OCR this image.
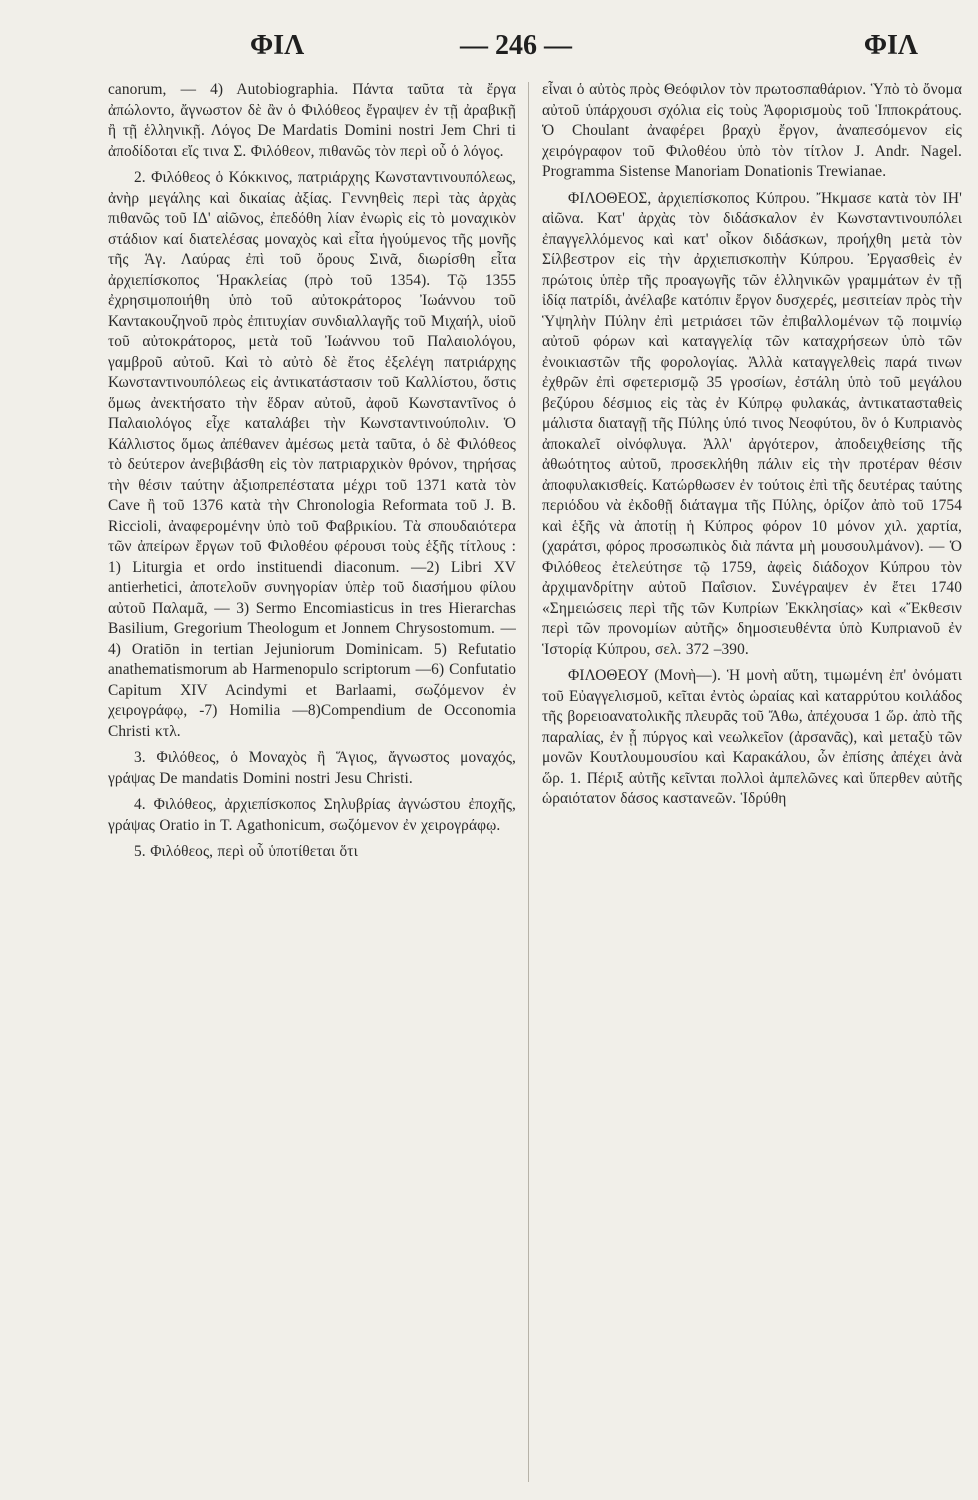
ΦΙΛ	— 246 —	ΦΙΛ

canorum, — 4) Autobiographia. Πάντα ταῦτα τὰ ἔργα ἀπώλοντο, ἄγνωστον δὲ ἂν ὁ Φιλόθεος ἔγραψεν ἐν τῇ ἀραβικῇ ἢ τῇ ἑλληνικῇ. Λόγος De Mardatis Domini nostri Jem Chri ti ἀποδίδοται εἴς τινα Σ. Φιλόθεον, πιθανῶς τὸν περὶ οὗ ὁ λόγος.

2. Φιλόθεος ὁ Κόκκινος, πατριάρχης Κωνσταντινουπόλεως, ἀνὴρ μεγάλης καὶ δικαίας ἀξίας. Γεννηθεὶς περὶ τὰς ἀρχὰς πιθανῶς τοῦ ΙΔ' αἰῶνος, ἐπεδόθη λίαν ἐνωρὶς εἰς τὸ μοναχικὸν στάδιον καί διατελέσας μοναχὸς καὶ εἶτα ἡγούμενος τῆς μονῆς τῆς Ἁγ. Λαύρας ἐπὶ τοῦ ὄρους Σινᾶ, διωρίσθη εἶτα ἀρχιεπίσκοπος Ἡρακλείας (πρὸ τοῦ 1354). Τῷ 1355 ἐχρησιμοποιήθη ὑπὸ τοῦ αὐτοκράτορος Ἰωάννου τοῦ Καντακουζηνοῦ πρὸς ἐπιτυχίαν συνδιαλλαγῆς τοῦ Μιχαήλ, υἱοῦ τοῦ αὐτοκράτορος, μετὰ τοῦ Ἰωάννου τοῦ Παλαιολόγου, γαμβροῦ αὐτοῦ. Καὶ τὸ αὐτὸ δὲ ἔτος ἐξελέγη πατριάρχης Κωνσταντινουπόλεως εἰς ἀντικατάστασιν τοῦ Καλλίστου, ὅστις ὅμως ἀνεκτήσατο τὴν ἕδραν αὐτοῦ, ἀφοῦ Κωνσταντῖνος ὁ Παλαιολόγος εἶχε καταλάβει τὴν Κωνσταντινούπολιν. Ὁ Κάλλιστος ὅμως ἀπέθανεν ἀμέσως μετὰ ταῦτα, ὁ δὲ Φιλόθεος τὸ δεύτερον ἀνεβιβάσθη εἰς τὸν πατριαρχικὸν θρόνον, τηρήσας τὴν θέσιν ταύτην ἀξιοπρεπέστατα μέχρι τοῦ 1371 κατὰ τὸν Cave ἢ τοῦ 1376 κατὰ τὴν Chronologia Reformata τοῦ J. B. Riccioli, ἀναφερομένην ὑπὸ τοῦ Φαβρικίου. Τὰ σπουδαιότερα τῶν ἀπείρων ἔργων τοῦ Φιλοθέου φέρουσι τοὺς ἑξῆς τίτλους : 1) Liturgia et ordo instituendi diaconum. —2) Libri XV antierheticі, ἀποτελοῦν συνηγορίαν ὑπὲρ τοῦ διασήμου φίλου αὐτοῦ Παλαμᾶ, — 3) Sermo Encomiasticus in tres Hierarchas Basilium, Gregorium Theologum et Jonnem Chrysostomum. —4) Oratiōn in tertian Jejuniorum Dominicam. 5) Refutatio anathematismorum ab Harmenopulo scriptorum —6) Confutatio Capitum XIV Acindymi et Barlaami, σωζόμενον ἐν χειρογράφῳ, -7) Homilia —8)Compendium de Occonomia Christi κτλ.

3. Φιλόθεος, ὁ Μοναχὸς ἢ Ἅγιος, ἄγνωστος μοναχός, γράψας De mandatis Domini nostri Jesu Christi.

4. Φιλόθεος, ἀρχιεπίσκοπος Σηλυβρίας ἀγνώστου ἐποχῆς, γράψας Oratio in T. Agathonicum, σωζόμενον ἐν χειρογράφῳ.

5. Φιλόθεος, περὶ οὗ ὑποτίθεται ὅτι

εἶναι ὁ αὐτὸς πρὸς Θεόφιλον τὸν πρωτοσπαθάριον. Ὑπὸ τὸ ὄνομα αὐτοῦ ὑπάρχουσι σχόλια εἰς τοὺς Ἀφορισμοὺς τοῦ Ἱπποκράτους. Ὁ Choulant ἀναφέρει βραχὺ ἔργον, ἀναπεσόμενον εἰς χειρόγραφον τοῦ Φιλοθέου ὑπὸ τὸν τίτλον J. Andr. Nagel. Programma Sistense Manoriam Donationis Trewianae.

ΦΙΛΟΘΕΟΣ, ἀρχιεπίσκοπος Κύπρου. Ἤκμασε κατὰ τὸν ΙΗ' αἰῶνα. Κατ' ἀρχὰς τὸν διδάσκαλον ἐν Κωνσταντινουπόλει ἐπαγγελλόμενος καὶ κατ' οἶκον διδάσκων, προήχθη μετὰ τὸν Σίλβεστρον εἰς τὴν ἀρχιεπισκοπὴν Κύπρου. Ἐργασθεὶς ἐν πρώτοις ὑπὲρ τῆς προαγωγῆς τῶν ἑλληνικῶν γραμμάτων ἐν τῇ ἰδίᾳ πατρίδι, ἀνέλαβε κατόπιν ἔργον δυσχερές, μεσιτείαν πρὸς τὴν Ὑψηλὴν Πύλην ἐπὶ μετριάσει τῶν ἐπιβαλλομένων τῷ ποιμνίῳ αὐτοῦ φόρων καὶ καταγγελίᾳ τῶν καταχρήσεων ὑπὸ τῶν ἐνοικιαστῶν τῆς φορολογίας. Ἀλλὰ καταγγελθεὶς παρά τινων ἐχθρῶν ἐπὶ σφετερισμῷ 35 γροσίων, ἐστάλη ὑπὸ τοῦ μεγάλου βεζύρου δέσμιος εἰς τὰς ἐν Κύπρῳ φυλακάς, ἀντικατασταθεὶς μάλιστα διαταγῇ τῆς Πύλης ὑπό τινος Νεοφύτου, ὃν ὁ Κυπριανὸς ἀποκαλεῖ οἰνόφλυγα. Ἀλλ' ἀργότερον, ἀποδειχθείσης τῆς ἀθωότητος αὐτοῦ, προσεκλήθη πάλιν εἰς τὴν προτέραν θέσιν ἀποφυλακισθείς. Κατώρθωσεν ἐν τούτοις ἐπὶ τῆς δευτέρας ταύτης περιόδου νὰ ἐκδοθῇ διάταγμα τῆς Πύλης, ὁρίζον ἀπὸ τοῦ 1754 καὶ ἑξῆς νὰ ἀποτίῃ ἡ Κύπρος φόρον 10 μόνον χιλ. χαρτία, (χαράτσι, φόρος προσωπικὸς διὰ πάντα μὴ μουσουλμάνον). — Ὁ Φιλόθεος ἐτελεύτησε τῷ 1759, ἀφεὶς διάδοχον Κύπρου τὸν ἀρχιμανδρίτην αὐτοῦ Παΐσιον. Συνέγραψεν ἐν ἔτει 1740 «Σημειώσεις περὶ τῆς τῶν Κυπρίων Ἐκκλησίας» καὶ «Ἔκθεσιν περὶ τῶν προνομίων αὐτῆς» δημοσιευθέντα ὑπὸ Κυπριανοῦ ἐν Ἱστορίᾳ Κύπρου, σελ. 372 –390.

ΦΙΛΟΘΕΟΥ (Μονὴ—). Ἡ μονὴ αὕτη, τιμωμένη ἐπ' ὀνόματι τοῦ Εὐαγγελισμοῦ, κεῖται ἐντὸς ὡραίας καὶ καταρρύτου κοιλάδος τῆς βορειοανατολικῆς πλευρᾶς τοῦ Ἄθω, ἀπέχουσα 1 ὥρ. ἀπὸ τῆς παραλίας, ἐν ᾗ πύργος καὶ νεωλκεῖον (ἀρσανᾶς), καὶ μεταξὺ τῶν μονῶν Κουτλουμουσίου καὶ Καρακάλου, ὧν ἐπίσης ἀπέχει ἀνὰ ὥρ. 1. Πέριξ αὐτῆς κεῖνται πολλοὶ ἀμπελῶνες καὶ ὕπερθεν αὐτῆς ὡραιότατον δάσος καστανεῶν. Ἱδρύθη
